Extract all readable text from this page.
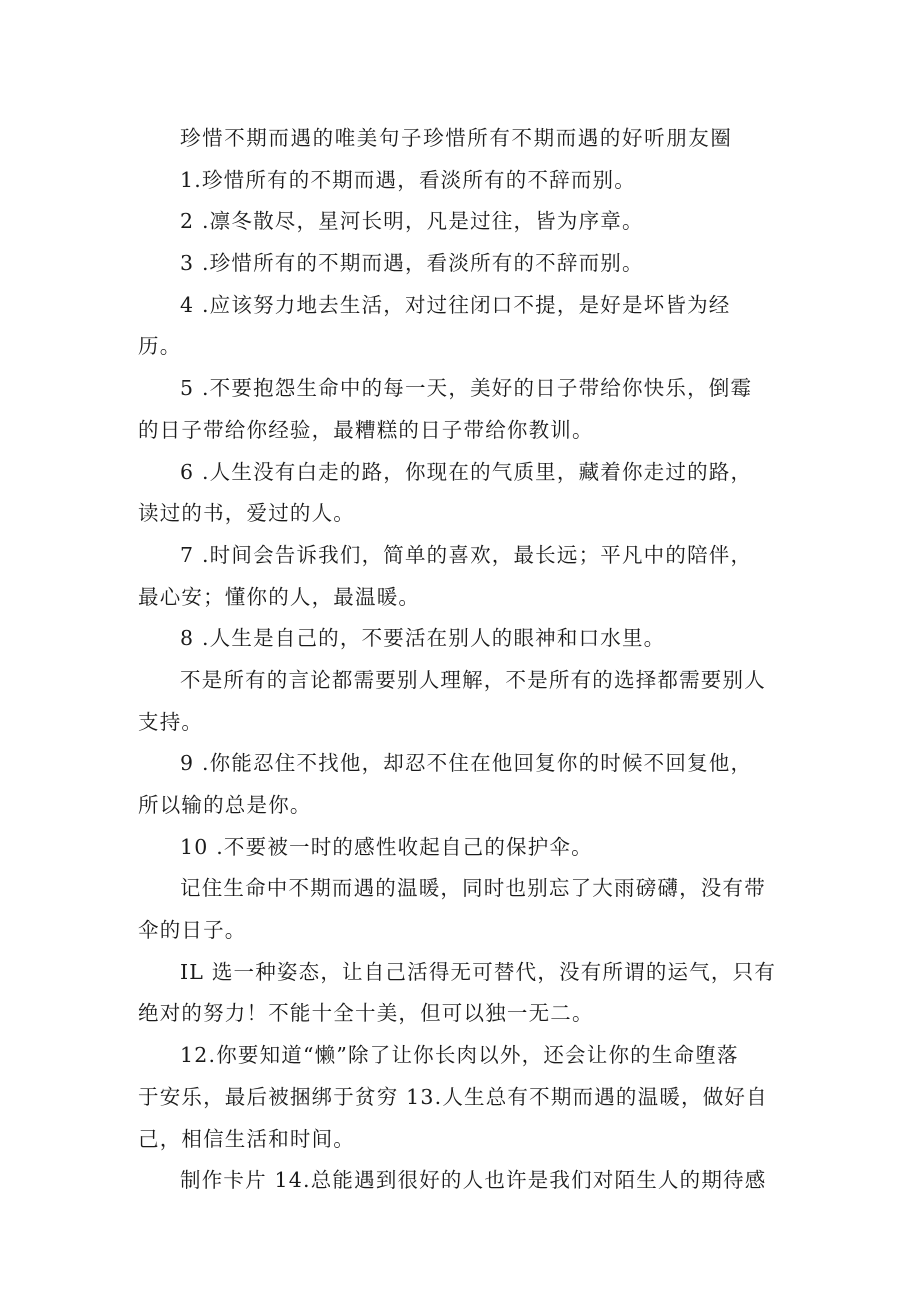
珍惜不期而遇的唯美句子珍惜所有不期而遇的好听朋友圈
1.珍惜所有的不期而遇，看淡所有的不辞而别。
2 .凛冬散尽，星河长明，凡是过往，皆为序章。
3 .珍惜所有的不期而遇，看淡所有的不辞而别。
4 .应该努力地去生活，对过往闭口不提，是好是坏皆为经
历。
5 .不要抱怨生命中的每一天，美好的日子带给你快乐，倒霉
的日子带给你经验，最糟糕的日子带给你教训。
6 .人生没有白走的路，你现在的气质里，藏着你走过的路，
读过的书，爱过的人。
7 .时间会告诉我们，简单的喜欢，最长远；平凡中的陪伴，
最心安；懂你的人，最温暖。
8 .人生是自己的，不要活在别人的眼神和口水里。
不是所有的言论都需要别人理解，不是所有的选择都需要别人
支持。
9 .你能忍住不找他，却忍不住在他回复你的时候不回复他，
所以输的总是你。
10 .不要被一时的感性收起自己的保护伞。
记住生命中不期而遇的温暖，同时也别忘了大雨磅礴，没有带
伞的日子。
IL 选一种姿态，让自己活得无可替代，没有所谓的运气，只有
绝对的努力！不能十全十美，但可以独一无二。
12.你要知道“懒”除了让你长肉以外，还会让你的生命堕落
于安乐，最后被捆绑于贫穷 13.人生总有不期而遇的温暖，做好自
己，相信生活和时间。
制作卡片 14.总能遇到很好的人也许是我们对陌生人的期待感
